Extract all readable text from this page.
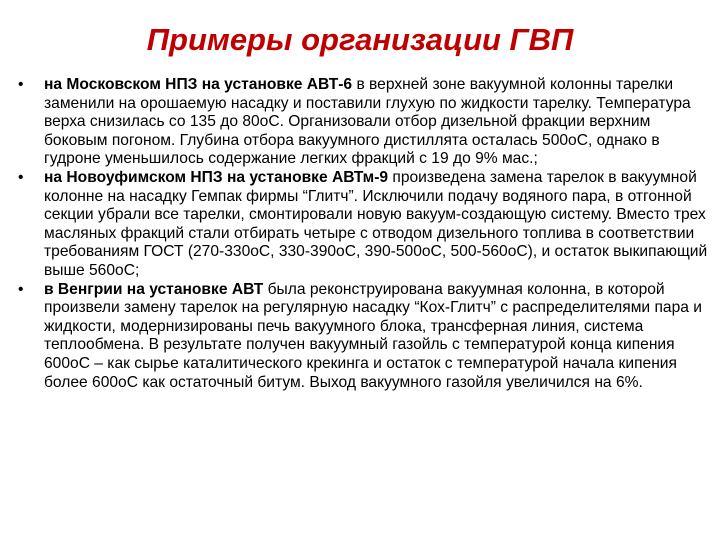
Примеры организации ГВП
•	на Московском НПЗ на установке АВТ-6 в верхней зоне вакуумной колонны тарелки заменили на орошаемую насадку и поставили глухую по жидкости тарелку. Температура верха снизилась со 135 до 80оС. Организовали отбор дизельной фракции верхним боковым погоном. Глубина отбора вакуумного дистиллята осталась 500оС, однако в гудроне уменьшилось содержание легких фракций с 19 до 9% мас.;
•	на Новоуфимском НПЗ на установке АВТм-9 произведена замена тарелок в вакуумной колонне на насадку Гемпак фирмы “Глитч”. Исключили подачу водяного пара, в отгонной секции убрали все тарелки, смонтировали новую вакуум-создающую систему. Вместо трех масляных фракций стали отбирать четыре с отводом дизельного топлива в соответствии требованиям ГОСТ (270-330оС, 330-390оС, 390-500оС, 500-560оС), и остаток выкипающий выше 560оС;
•	в Венгрии на установке АВТ была реконструирована вакуумная колонна, в которой произвели замену тарелок на регулярную насадку “Кох-Глитч” с распределителями пара и жидкости, модернизированы печь вакуумного блока, трансферная линия, система теплообмена. В результате получен вакуумный газойль с температурой конца кипения 600оС – как сырье каталитического крекинга и остаток с температурой начала кипения более 600оС как остаточный битум. Выход вакуумного газойля увеличился на 6%.
